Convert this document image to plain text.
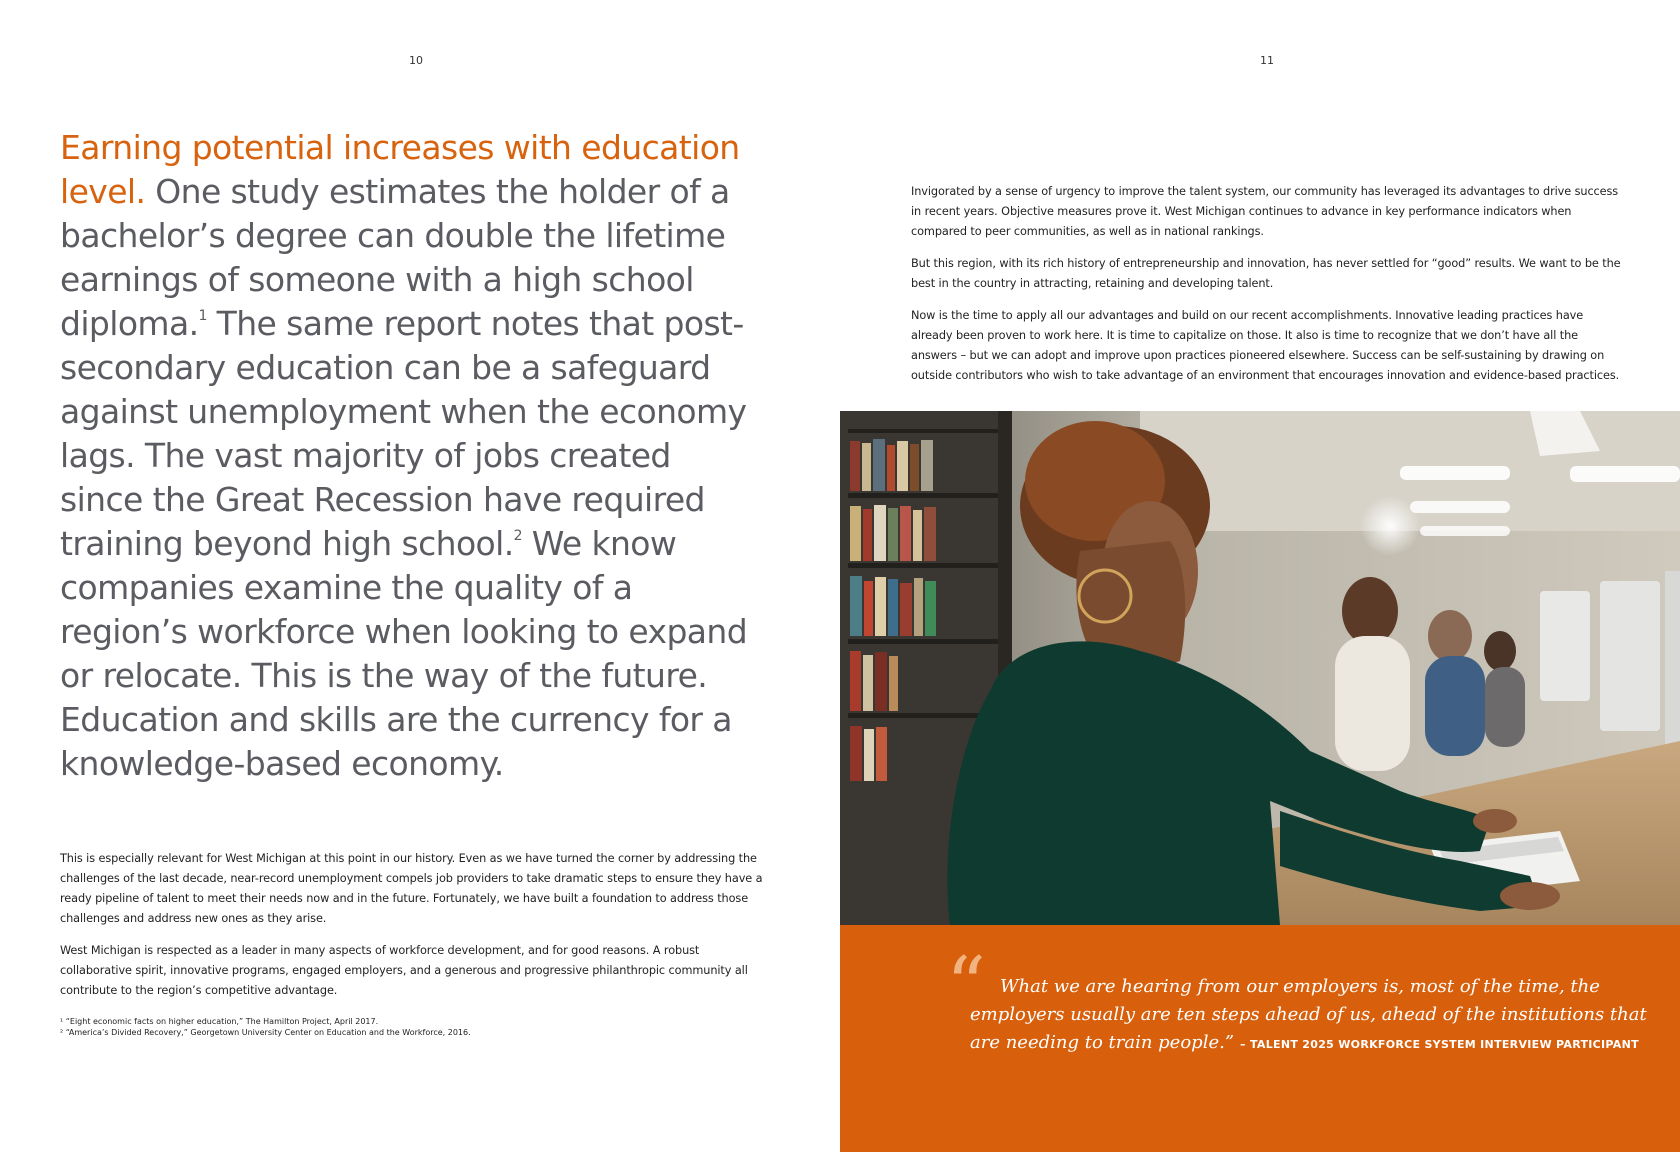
10	11
Earning potential increases with education level. One study estimates the holder of a bachelor’s degree can double the lifetime earnings of someone with a high school diploma.$^1$ The same report notes that post-secondary education can be a safeguard against unemployment when the economy lags. The vast majority of jobs created since the Great Recession have required training beyond high school.$^2$ We know companies examine the quality of a region’s workforce when looking to expand or relocate. This is the way of the future. Education and skills are the currency for a knowledge-based economy.

This is especially relevant for West Michigan at this point in our history. Even as we have turned the corner by addressing the challenges of the last decade, near-record unemployment compels job providers to take dramatic steps to ensure they have a ready pipeline of talent to meet their needs now and in the future. Fortunately, we have built a foundation to address those challenges and address new ones as they arise.

West Michigan is respected as a leader in many aspects of workforce development, and for good reasons. A robust collaborative spirit, innovative programs, engaged employers, and a generous and progressive philanthropic community all contribute to the region’s competitive advantage.

¹ “Eight economic facts on higher education,” The Hamilton Project, April 2017.
² “America’s Divided Recovery,” Georgetown University Center on Education and the Workforce, 2016.

Invigorated by a sense of urgency to improve the talent system, our community has leveraged its advantages to drive success in recent years. Objective measures prove it. West Michigan continues to advance in key performance indicators when compared to peer communities, as well as in national rankings.

But this region, with its rich history of entrepreneurship and innovation, has never settled for “good” results. We want to be the best in the country in attracting, retaining and developing talent.

Now is the time to apply all our advantages and build on our recent accomplishments. Innovative leading practices have already been proven to work here. It is time to capitalize on those. It also is time to recognize that we don’t have all the answers – but we can adopt and improve upon practices pioneered elsewhere. Success can be self-sustaining by drawing on outside contributors who wish to take advantage of an environment that encourages innovation and evidence-based practices.

“ What we are hearing from our employers is, most of the time, the employers usually are ten steps ahead of us, ahead of the institutions that are needing to train people.” – TALENT 2025 WORKFORCE SYSTEM INTERVIEW PARTICIPANT
